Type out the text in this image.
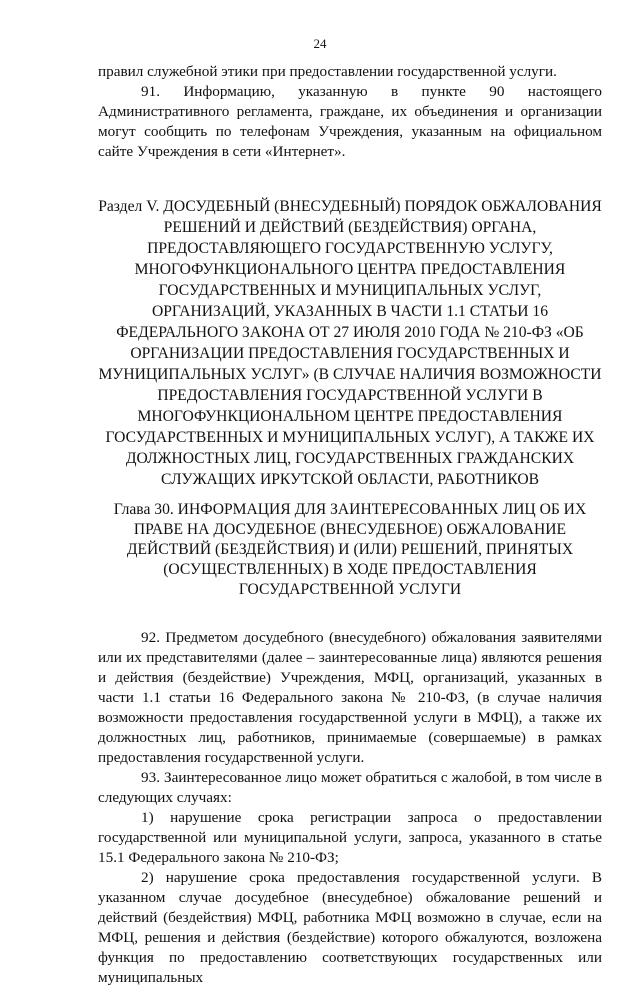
24

правил служебной этики при предоставлении государственной услуги.

91. Информацию, указанную в пункте 90 настоящего Административного регламента, граждане, их объединения и организации могут сообщить по телефонам Учреждения, указанным на официальном сайте Учреждения в сети «Интернет».

Раздел V. ДОСУДЕБНЫЙ (ВНЕСУДЕБНЫЙ) ПОРЯДОК ОБЖАЛОВАНИЯ РЕШЕНИЙ И ДЕЙСТВИЙ (БЕЗДЕЙСТВИЯ) ОРГАНА, ПРЕДОСТАВЛЯЮЩЕГО ГОСУДАРСТВЕННУЮ УСЛУГУ, МНОГОФУНКЦИОНАЛЬНОГО ЦЕНТРА ПРЕДОСТАВЛЕНИЯ ГОСУДАРСТВЕННЫХ И МУНИЦИПАЛЬНЫХ УСЛУГ, ОРГАНИЗАЦИЙ, УКАЗАННЫХ В ЧАСТИ 1.1 СТАТЬИ 16 ФЕДЕРАЛЬНОГО ЗАКОНА ОТ 27 ИЮЛЯ 2010 ГОДА № 210-ФЗ «ОБ ОРГАНИЗАЦИИ ПРЕДОСТАВЛЕНИЯ ГОСУДАРСТВЕННЫХ И МУНИЦИПАЛЬНЫХ УСЛУГ» (В СЛУЧАЕ НАЛИЧИЯ ВОЗМОЖНОСТИ ПРЕДОСТАВЛЕНИЯ ГОСУДАРСТВЕННОЙ УСЛУГИ В МНОГОФУНКЦИОНАЛЬНОМ ЦЕНТРЕ ПРЕДОСТАВЛЕНИЯ ГОСУДАРСТВЕННЫХ И МУНИЦИПАЛЬНЫХ УСЛУГ), А ТАКЖЕ ИХ ДОЛЖНОСТНЫХ ЛИЦ, ГОСУДАРСТВЕННЫХ ГРАЖДАНСКИХ СЛУЖАЩИХ ИРКУТСКОЙ ОБЛАСТИ, РАБОТНИКОВ

Глава 30. ИНФОРМАЦИЯ ДЛЯ ЗАИНТЕРЕСОВАННЫХ ЛИЦ ОБ ИХ ПРАВЕ НА ДОСУДЕБНОЕ (ВНЕСУДЕБНОЕ) ОБЖАЛОВАНИЕ ДЕЙСТВИЙ (БЕЗДЕЙСТВИЯ) И (ИЛИ) РЕШЕНИЙ, ПРИНЯТЫХ (ОСУЩЕСТВЛЕННЫХ) В ХОДЕ ПРЕДОСТАВЛЕНИЯ ГОСУДАРСТВЕННОЙ УСЛУГИ

92. Предметом досудебного (внесудебного) обжалования заявителями или их представителями (далее – заинтересованные лица) являются решения и действия (бездействие) Учреждения, МФЦ, организаций, указанных в части 1.1 статьи 16 Федерального закона № 210-ФЗ, (в случае наличия возможности предоставления государственной услуги в МФЦ), а также их должностных лиц, работников, принимаемые (совершаемые) в рамках предоставления государственной услуги.

93. Заинтересованное лицо может обратиться с жалобой, в том числе в следующих случаях:

1) нарушение срока регистрации запроса о предоставлении государственной или муниципальной услуги, запроса, указанного в статье 15.1 Федерального закона № 210-ФЗ;

2) нарушение срока предоставления государственной услуги. В указанном случае досудебное (внесудебное) обжалование решений и действий (бездействия) МФЦ, работника МФЦ возможно в случае, если на МФЦ, решения и действия (бездействие) которого обжалуются, возложена функция по предоставлению соответствующих государственных или муниципальных
